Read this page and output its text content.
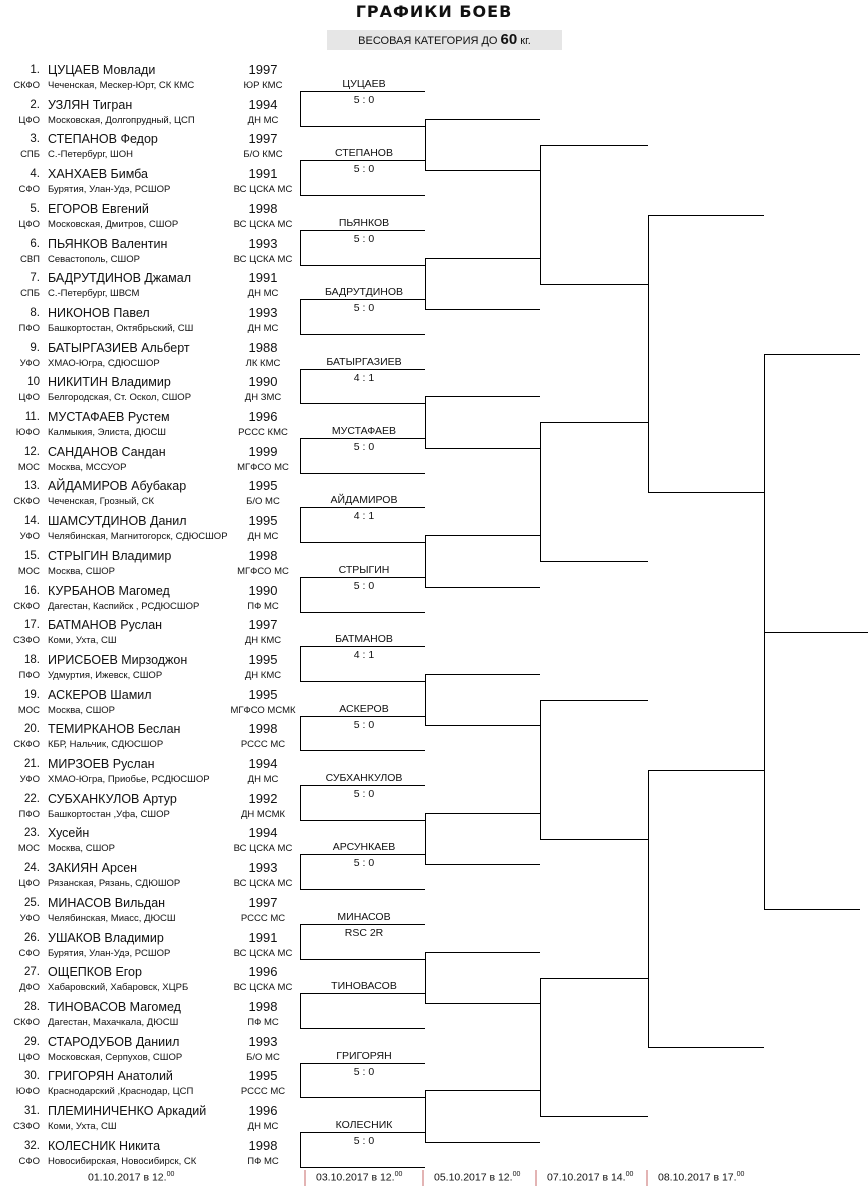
ГРАФИКИ БОЕВ
ВЕСОВАЯ КАТЕГОРИЯ ДО 60 кг.
1. ЦУЦАЕВ Мовлади	1997
СКФО Чеченская, Мескер-Юрт, СК КМС	ЮР КМС
2. УЗЛЯН Тигран	1994
ЦФО Московская, Долгопрудный, ЦСП	ДН МС
3. СТЕПАНОВ Федор	1997
СПБ С.-Петербург, ШОН	Б/О КМС
4. ХАНХАЕВ Бимба	1991
СФО Бурятия, Улан-Удэ, РСШОР	ВС ЦСКА МС
5. ЕГОРОВ Евгений	1998
ЦФО Московская, Дмитров, СШОР	ВС ЦСКА МС
6. ПЬЯНКОВ Валентин	1993
СВП Севастополь, СШОР	ВС ЦСКА МС
7. БАДРУТДИНОВ Джамал	1991
СПБ С.-Петербург, ШВСМ	ДН МС
8. НИКОНОВ Павел	1993
ПФО Башкортостан, Октябрьский, СШ	ДН МС
9. БАТЫРГАЗИЕВ Альберт	1988
УФО ХМАО-Югра, СДЮСШОР	ЛК КМС
10 НИКИТИН Владимир	1990
ЦФО Белгородская, Ст. Оскол, СШОР	ДН ЗМС
11. МУСТАФАЕВ Рустем	1996
ЮФО Калмыкия, Элиста, ДЮСШ	РССС КМС
12. САНДАНОВ Сандан	1999
МОС Москва, МССУОР	МГФСО МС
13. АЙДАМИРОВ Абубакар	1995
СКФО Чеченская, Грозный, СК	Б/О МС
14. ШАМСУТДИНОВ Данил	1995
УФО Челябинская, Магнитогорск, СДЮСШОР	ДН МС
15. СТРЫГИН Владимир	1998
МОС Москва, СШОР	МГФСО МС
16. КУРБАНОВ Магомед	1990
СКФО Дагестан, Каспийск , РСДЮСШОР	ПФ МС
17. БАТМАНОВ Руслан	1997
СЗФО Коми, Ухта, СШ	ДН КМС
18. ИРИСБОЕВ Мирзоджон	1995
ПФО Удмуртия, Ижевск, СШОР	ДН КМС
19. АСКЕРОВ Шамил	1995
МОС Москва, СШОР	МГФСО МСМК
20. ТЕМИРКАНОВ Беслан	1998
СКФО КБР, Нальчик, СДЮСШОР	РССС МС
21. МИРЗОЕВ Руслан	1994
УФО ХМАО-Югра, Приобье, РСДЮСШОР	ДН МС
22. СУБХАНКУЛОВ Артур	1992
ПФО Башкортостан ,Уфа, СШОР	ДН МСМК
23. Хусейн	1994
МОС Москва, СШОР	ВС ЦСКА МС
24. ЗАКИЯН Арсен	1993
ЦФО Рязанская, Рязань, СДЮШОР	ВС ЦСКА МС
25. МИНАСОВ Вильдан	1997
УФО Челябинская, Миасс, ДЮСШ	РССС МС
26. УШАКОВ Владимир	1991
СФО Бурятия, Улан-Удэ, РСШОР	ВС ЦСКА МС
27. ОЩЕПКОВ Егор	1996
ДФО Хабаровский, Хабаровск, ХЦРБ	ВС ЦСКА МС
28. ТИНОВАСОВ Магомед	1998
СКФО Дагестан, Махачкала, ДЮСШ	ПФ МС
29. СТАРОДУБОВ Даниил	1993
ЦФО Московская, Серпухов, СШОР	Б/О МС
30. ГРИГОРЯН Анатолий	1995
ЮФО Краснодарский ,Краснодар, ЦСП	РССС МС
31. ПЛЕМИНИЧЕНКО Аркадий	1996
СЗФО Коми, Ухта, СШ	ДН МС
32. КОЛЕСНИК Никита	1998
СФО Новосибирская, Новосибирск, СК	ПФ МС
ЦУЦАЕВ
5 : 0
СТЕПАНОВ
5 : 0
ПЬЯНКОВ
5 : 0
БАДРУТДИНОВ
5 : 0
БАТЫРГАЗИЕВ
4 : 1
МУСТАФАЕВ
5 : 0
АЙДАМИРОВ
4 : 1
СТРЫГИН
5 : 0
БАТМАНОВ
4 : 1
АСКЕРОВ
5 : 0
СУБХАНКУЛОВ
5 : 0
АРСУНКАЕВ
5 : 0
МИНАСОВ
RSC 2R
ТИНОВАСОВ
ГРИГОРЯН
5 : 0
КОЛЕСНИК
5 : 0
01.10.2017 в 12.00	03.10.2017 в 12.00	05.10.2017 в 12.00	07.10.2017 в 14.00 08.10.2017 в 17.00
